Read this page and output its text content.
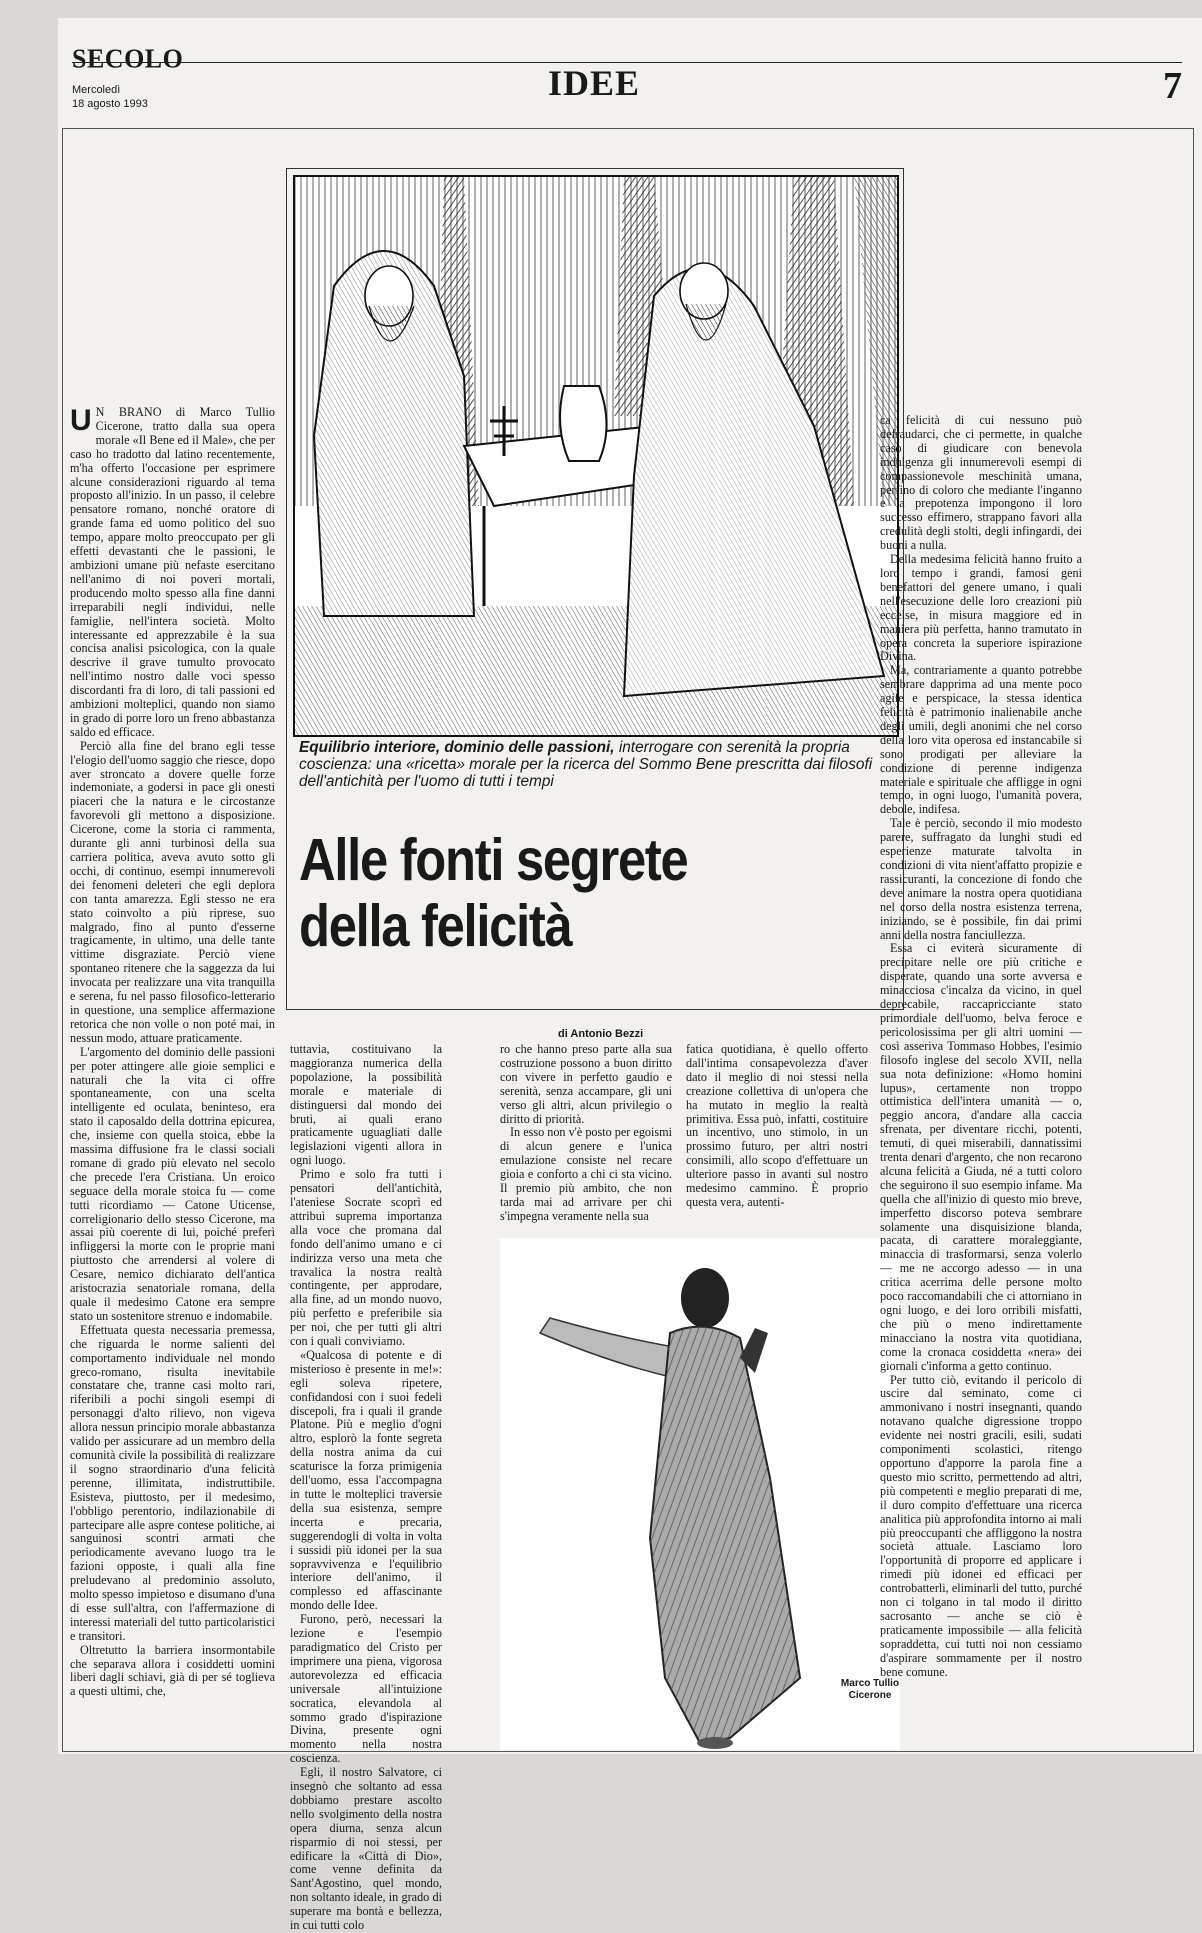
SECOLO
Mercoledì
18 agosto 1993
IDEE	7

U N BRANO di Marco Tullio Cicerone, tratto dalla sua opera morale «Il Bene ed il Male», che per caso ho tradotto dal latino recentemente, m'ha offerto l'occasione per esprimere alcune considerazioni riguardo al tema proposto all'inizio. In un passo, il celebre pensatore romano, nonché oratore di grande fama ed uomo politico del suo tempo, appare molto preoccupato per gli effetti devastanti che le passioni, le ambizioni umane più nefaste esercitano nell'animo di noi poveri mortali, producendo molto spesso alla fine danni irreparabili negli individui, nelle famiglie, nell'intera società. Molto interessante ed apprezzabile è la sua concisa analisi psicologica, con la quale descrive il grave tumulto provocato nell'intimo nostro dalle voci spesso discordanti fra di loro, di tali passioni ed ambizioni molteplici, quando non siamo in grado di porre loro un freno abbastanza saldo ed efficace.

Perciò alla fine del brano egli tesse l'elogio dell'uomo saggio che riesce, dopo aver stroncato a dovere quelle forze indemoniate, a godersi in pace gli onesti piaceri che la natura e le circostanze favorevoli gli mettono a disposizione. Cicerone, come la storia ci rammenta, durante gli anni turbinosi della sua carriera politica, aveva avuto sotto gli occhi, di continuo, esempi innumerevoli dei fenomeni deleteri che egli deplora con tanta amarezza. Egli stesso ne era stato coinvolto a più riprese, suo malgrado, fino al punto d'esserne tragicamente, in ultimo, una delle tante vittime disgraziate. Perciò viene spontaneo ritenere che la saggezza da lui invocata per realizzare una vita tranquilla e serena, fu nel passo filosofico-letterario in questione, una semplice affermazione retorica che non volle o non poté mai, in nessun modo, attuare praticamente.

L'argomento del dominio delle passioni per poter attingere alle gioie semplici e naturali che la vita ci offre spontaneamente, con una scelta intelligente ed oculata, beninteso, era stato il caposaldo della dottrina epicurea, che, insieme con quella stoica, ebbe la massima diffusione fra le classi sociali romane di grado più elevato nel secolo che precede l'era Cristiana. Un eroico seguace della morale stoica fu — come tutti ricordiamo — Catone Uticense, correligionario dello stesso Cicerone, ma assai più coerente di lui, poiché preferì infliggersi la morte con le proprie mani piuttosto che arrendersi al volere di Cesare, nemico dichiarato dell'antica aristocrazia senatoriale romana, della quale il medesimo Catone era sempre stato un sostenitore strenuo e indomabile.

Effettuata questa necessaria premessa, che riguarda le norme salienti del comportamento individuale nel mondo greco-romano, risulta inevitabile constatare che, tranne casi molto rari, riferibili a pochi singoli esempi di personaggi d'alto rilievo, non vigeva allora nessun principio morale abbastanza valido per assicurare ad un membro della comunità civile la possibilità di realizzare il sogno straordinario d'una felicità perenne, illimitata, indistruttibile. Esisteva, piuttosto, per il medesimo, l'obbligo perentorio, indilazionabile di partecipare alle aspre contese politiche, ai sanguinosi scontri armati che periodicamente avevano luogo tra le fazioni opposte, i quali alla fine preludevano al predominio assoluto, molto spesso impietoso e disumano d'una di esse sull'altra, con l'affermazione di interessi materiali del tutto particolaristici e transitori.

Oltretutto la barriera insormontabile che separava allora i cosiddetti uomini liberi dagli schiavi, già di per sé toglieva a questi ultimi, che,

Equilibrio interiore, dominio delle passioni, interrogare con serenità la propria coscienza: una «ricetta» morale per la ricerca del Sommo Bene prescritta dai filosofi dell'antichità per l'uomo di tutti i tempi
Alle fonti segrete
della felicità
di Antonio Bezzi

tuttavia, costituivano la maggioranza numerica della popolazione, la possibilità morale e materiale di distinguersi dal mondo dei bruti, ai quali erano praticamente uguagliati dalle legislazioni vigenti allora in ogni luogo.

Primo e solo fra tutti i pensatori dell'antichità, l'ateniese Socrate scoprì ed attribuì suprema importanza alla voce che promana dal fondo dell'animo umano e ci indirizza verso una meta che travalica la nostra realtà contingente, per approdare, alla fine, ad un mondo nuovo, più perfetto e preferibile sia per noi, che per tutti gli altri con i quali conviviamo.

«Qualcosa di potente e di misterioso è presente in me!»: egli soleva ripetere, confidandosi con i suoi fedeli discepoli, fra i quali il grande Platone. Più e meglio d'ogni altro, esplorò la fonte segreta della nostra anima da cui scaturisce la forza primigenia dell'uomo, essa l'accompagna in tutte le molteplici traversie della sua esistenza, sempre incerta e precaria, suggerendogli di volta in volta i sussidi più idonei per la sua sopravvivenza e l'equilibrio interiore dell'animo, il complesso ed affascinante mondo delle Idee.

Furono, però, necessari la lezione e l'esempio paradigmatico del Cristo per imprimere una piena, vigorosa autorevolezza ed efficacia universale all'intuizione socratica, elevandola al sommo grado d'ispirazione Divina, presente ogni momento nella nostra coscienza.

Egli, il nostro Salvatore, ci insegnò che soltanto ad essa dobbiamo prestare ascolto nello svolgimento della nostra opera diurna, senza alcun risparmio di noi stessi, per edificare la «Città di Dio», come venne definita da Sant'Agostino, quel mondo, non soltanto ideale, in grado di superare ma bontà e bellezza, in cui tutti colo

ro che hanno preso parte alla sua costruzione possono a buon diritto con vivere in perfetto gaudio e serenità, senza accampare, gli uni verso gli altri, alcun privilegio o diritto di priorità.

In esso non v'è posto per egoismi di alcun genere e l'unica emulazione consiste nel recare gioia e conforto a chi ci sta vicino. Il premio più ambito, che non tarda mai ad arrivare per chi s'impegna veramente nella sua

fatica quotidiana, è quello offerto dall'intima consapevolezza d'aver dato il meglio di noi stessi nella creazione collettiva di un'opera che ha mutato in meglio la realtà primitiva. Essa può, infatti, costituire un incentivo, uno stimolo, in un prossimo futuro, per altri nostri consimili, allo scopo d'effettuare un ulteriore passo in avanti sul nostro medesimo cammino. È proprio questa vera, autenti-

Marco Tullio Cicerone

ca felicità di cui nessuno può defraudarci, che ci permette, in qualche caso di giudicare con benevola indulgenza gli innumerevoli esempi di compassionevole meschinità umana, perfino di coloro che mediante l'inganno e la prepotenza impongono il loro successo effimero, strappano favori alla credulità degli stolti, degli infingardi, dei buoni a nulla.

Della medesima felicità hanno fruito a loro tempo i grandi, famosi geni benefattori del genere umano, i quali nell'esecuzione delle loro creazioni più eccelse, in misura maggiore ed in maniera più perfetta, hanno tramutato in opera concreta la superiore ispirazione Divina.

Ma, contrariamente a quanto potrebbe sembrare dapprima ad una mente poco agile e perspicace, la stessa identica felicità è patrimonio inalienabile anche degli umili, degli anonimi che nel corso della loro vita operosa ed instancabile si sono prodigati per alleviare la condizione di perenne indigenza materiale e spirituale che affligge in ogni tempo, in ogni luogo, l'umanità povera, debole, indifesa.

Tale è perciò, secondo il mio modesto parere, suffragato da lunghi studi ed esperienze maturate talvolta in condizioni di vita nient'affatto propizie e rassicuranti, la concezione di fondo che deve animare la nostra opera quotidiana nel corso della nostra esistenza terrena, iniziando, se è possibile, fin dai primi anni della nostra fanciullezza.

Essa ci eviterà sicuramente di precipitare nelle ore più critiche e disperate, quando una sorte avversa e minacciosa c'incalza da vicino, in quel deprecabile, raccapricciante stato primordiale dell'uomo, belva feroce e pericolosissima per gli altri uomini — così asseriva Tommaso Hobbes, l'esimio filosofo inglese del secolo XVII, nella sua nota definizione: «Homo homini lupus», certamente non troppo ottimistica dell'intera umanità — o, peggio ancora, d'andare alla caccia sfrenata, per diventare ricchi, potenti, temuti, di quei miserabili, dannatissimi trenta denari d'argento, che non recarono alcuna felicità a Giuda, né a tutti coloro che seguirono il suo esempio infame. Ma quella che all'inizio di questo mio breve, imperfetto discorso poteva sembrare solamente una disquisizione blanda, pacata, di carattere moraleggiante, minaccia di trasformarsi, senza volerlo — me ne accorgo adesso — in una critica acerrima delle persone molto poco raccomandabili che ci attorniano in ogni luogo, e dei loro orribili misfatti, che più o meno indirettamente minacciano la nostra vita quotidiana, come la cronaca cosiddetta «nera» dei giornali c'informa a getto continuo.

Per tutto ciò, evitando il pericolo di uscire dal seminato, come ci ammonivano i nostri insegnanti, quando notavano qualche digressione troppo evidente nei nostri gracili, esili, sudati componimenti scolastici, ritengo opportuno d'apporre la parola fine a questo mio scritto, permettendo ad altri, più competenti e meglio preparati di me, il duro compito d'effettuare una ricerca analitica più approfondita intorno ai mali più preoccupanti che affliggono la nostra società attuale. Lasciamo loro l'opportunità di proporre ed applicare i rimedi più idonei ed efficaci per controbatterli, eliminarli del tutto, purché non ci tolgano in tal modo il diritto sacrosanto — anche se ciò è praticamente impossibile — alla felicità sopraddetta, cui tutti noi non cessiamo d'aspirare sommamente per il nostro bene comune.
